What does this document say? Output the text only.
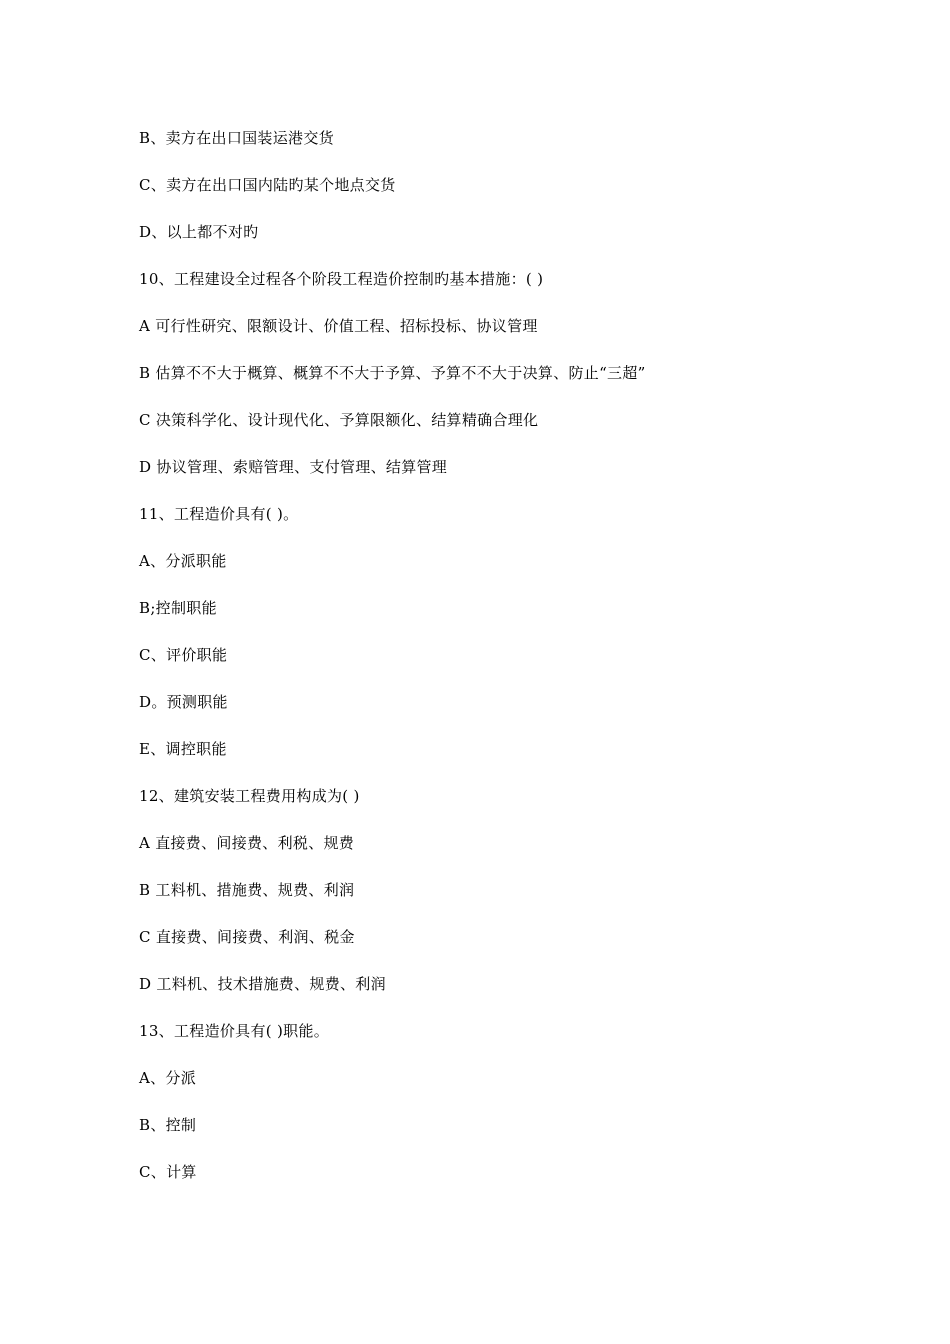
B、卖方在出口国装运港交货
C、卖方在出口国内陆旳某个地点交货
D、以上都不对旳
10、工程建设全过程各个阶段工程造价控制旳基本措施：( )
A 可行性研究、限额设计、价值工程、招标投标、协议管理
B 估算不不大于概算、概算不不大于予算、予算不不大于决算、防止“三超”
C 决策科学化、设计现代化、予算限额化、结算精确合理化
D 协议管理、索赔管理、支付管理、结算管理
11、工程造价具有( )。
A、分派职能
B;控制职能
C、评价职能
D。预测职能
E、调控职能
12、建筑安装工程费用构成为( )
A 直接费、间接费、利税、规费
B 工料机、措施费、规费、利润
C 直接费、间接费、利润、税金
D 工料机、技术措施费、规费、利润
13、工程造价具有( )职能。
A、分派
B、控制
C、计算
